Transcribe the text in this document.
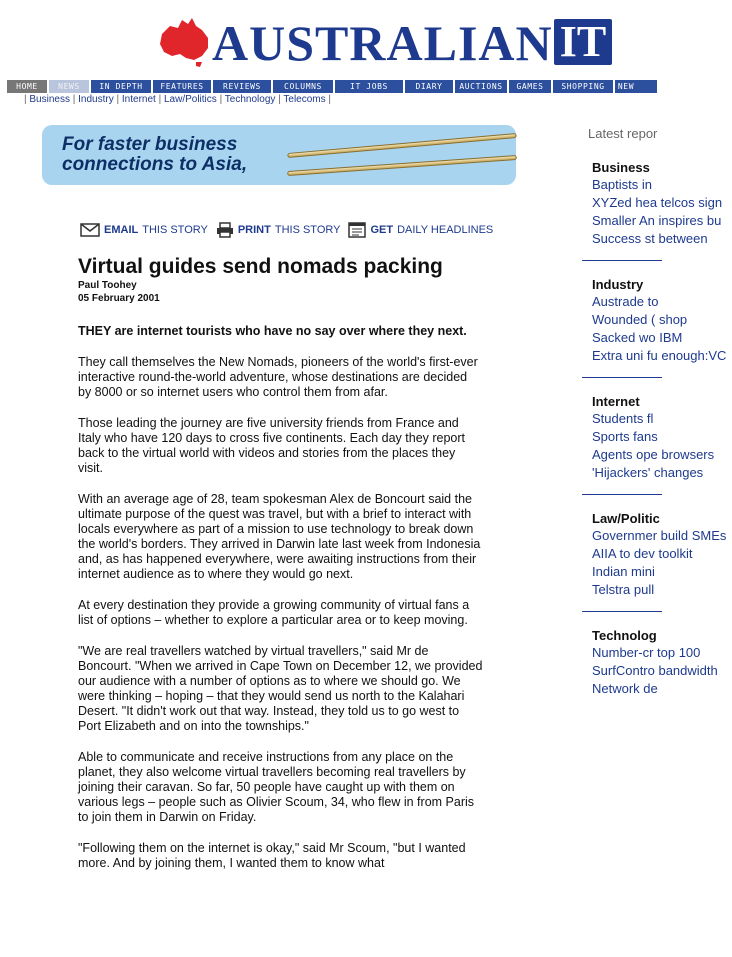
AUSTRALIAN IT
HOME	NEWS	IN DEPTH	FEATURES	REVIEWS	COLUMNS	IT JOBS	DIARY	AUCTIONS	GAMES	SHOPPING	NEW
| Business | Industry | Internet | Law/Politics | Technology | Telecoms |
For faster business
connections to Asia,
EMAIL THIS STORY	PRINT THIS STORY	GET DAILY HEADLINES
Virtual guides send nomads packing
Paul Toohey
05 February 2001

THEY are internet tourists who have no say over where they next.

They call themselves the New Nomads, pioneers of the world's first-ever interactive round-the-world adventure, whose destinations are decided by 8000 or so internet users who control them from afar.

Those leading the journey are five university friends from France and Italy who have 120 days to cross five continents. Each day they report back to the virtual world with videos and stories from the places they visit.

With an average age of 28, team spokesman Alex de Boncourt said the ultimate purpose of the quest was travel, but with a brief to interact with locals everywhere as part of a mission to use technology to break down the world's borders. They arrived in Darwin late last week from Indonesia and, as has happened everywhere, were awaiting instructions from their internet audience as to where they would go next.

At every destination they provide a growing community of virtual fans a list of options – whether to explore a particular area or to keep moving.

"We are real travellers watched by virtual travellers," said Mr de Boncourt. "When we arrived in Cape Town on December 12, we provided our audience with a number of options as to where we should go. We were thinking – hoping – that they would send us north to the Kalahari Desert. "It didn't work out that way. Instead, they told us to go west to Port Elizabeth and on into the townships."

Able to communicate and receive instructions from any place on the planet, they also welcome virtual travellers becoming real travellers by joining their caravan. So far, 50 people have caught up with them on various legs – people such as Olivier Scoum, 34, who flew in from Paris to join them in Darwin on Friday.

"Following them on the internet is okay," said Mr Scoum, "but I wanted more. And by joining them, I wanted them to know what

Latest repor
Business
Baptists in
XYZed hea telcos sign
Smaller An inspires bu
Success st between
Industry
Austrade to
Wounded ( shop
Sacked wo IBM
Extra uni fu enough:VC
Internet
Students fl
Sports fans
Agents ope browsers
'Hijackers' changes
Law/Politic
Governmer build SMEs
AIIA to dev toolkit
Indian mini
Telstra pull
Technolog
Number-cr top 100
SurfContro bandwidth
Network de
